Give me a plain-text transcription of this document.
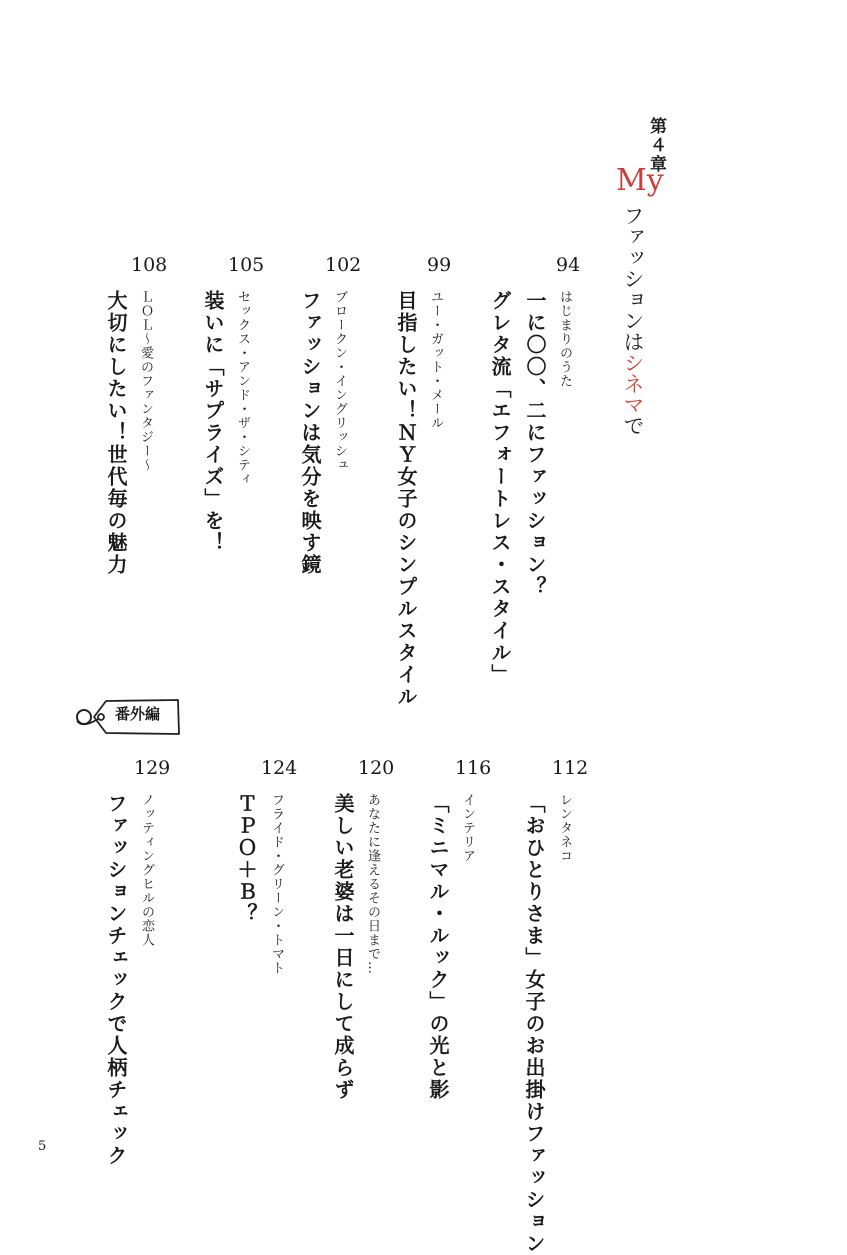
第４章
My
ファッションはシネマで
94
はじまりのうた
一に〇〇、二にファッション？
グレタ流「エフォートレス・スタイル」
99
ユー・ガット・メール
目指したい！ＮＹ女子のシンプルスタイル
102
ブロークン・イングリッシュ
ファッションは気分を映す鏡
105
セックス・アンド・ザ・シティ
装いに「サプライズ」を！
108
ＬＯＬ〜愛のファンタジー〜
大切にしたい！世代毎の魅力
番外編
112
レンタネコ
「おひとりさま」女子のお出掛けファッション
116
インテリア
「ミニマル・ルック」の光と影
120
あなたに逢えるその日まで…
美しい老婆は一日にして成らず
124
フライド・グリーン・トマト
ＴＰＯ＋Ｂ？
129
ノッティングヒルの恋人
ファッションチェックで人柄チェック
5
